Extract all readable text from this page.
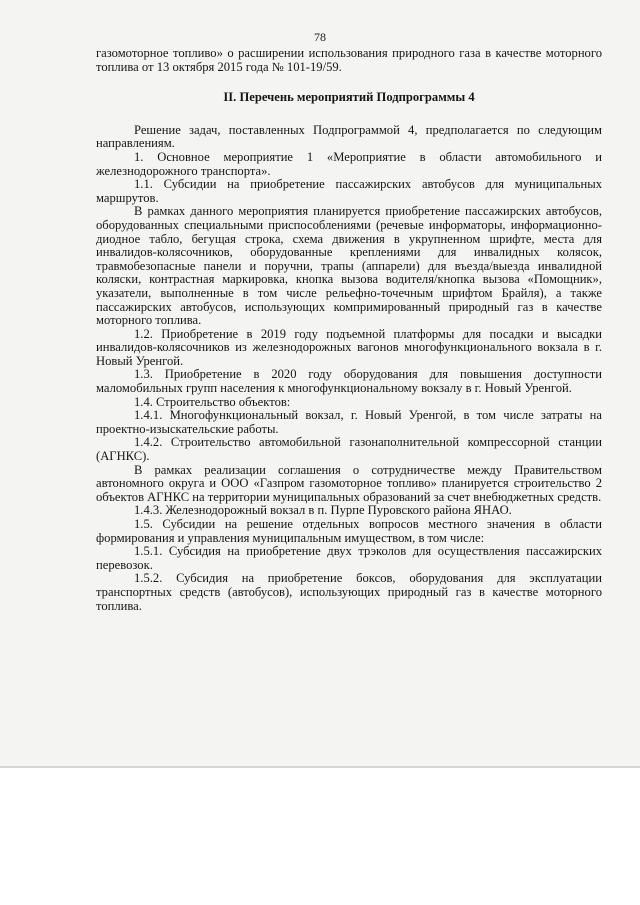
78

газомоторное топливо» о расширении использования природного газа в качестве моторного топлива от 13 октября 2015 года № 101-19/59.

II. Перечень мероприятий Подпрограммы 4

Решение задач, поставленных Подпрограммой 4, предполагается по следующим направлениям.

1. Основное мероприятие 1 «Мероприятие в области автомобильного и железнодорожного транспорта».

1.1. Субсидии на приобретение пассажирских автобусов для муниципальных маршрутов.

В рамках данного мероприятия планируется приобретение пассажирских автобусов, оборудованных специальными приспособлениями (речевые информаторы, информационно-диодное табло, бегущая строка, схема движения в укрупненном шрифте, места для инвалидов-колясочников, оборудованные креплениями для инвалидных колясок, травмобезопасные панели и поручни, трапы (аппарели) для въезда/выезда инвалидной коляски, контрастная маркировка, кнопка вызова водителя/кнопка вызова «Помощник», указатели, выполненные в том числе рельефно-точечным шрифтом Брайля), а также пассажирских автобусов, использующих компримированный природный газ в качестве моторного топлива.

1.2. Приобретение в 2019 году подъемной платформы для посадки и высадки инвалидов-колясочников из железнодорожных вагонов многофункционального вокзала в г. Новый Уренгой.

1.3. Приобретение в 2020 году оборудования для повышения доступности маломобильных групп населения к многофункциональному вокзалу в г. Новый Уренгой.

1.4. Строительство объектов:

1.4.1. Многофункциональный вокзал, г. Новый Уренгой, в том числе затраты на проектно-изыскательские работы.

1.4.2. Строительство автомобильной газонаполнительной компрессорной станции (АГНКС).

В рамках реализации соглашения о сотрудничестве между Правительством автономного округа и ООО «Газпром газомоторное топливо» планируется строительство 2 объектов АГНКС на территории муниципальных образований за счет внебюджетных средств.

1.4.3. Железнодорожный вокзал в п. Пурпе Пуровского района ЯНАО.

1.5. Субсидии на решение отдельных вопросов местного значения в области формирования и управления муниципальным имуществом, в том числе:

1.5.1. Субсидия на приобретение двух трэколов для осуществления пассажирских перевозок.

1.5.2. Субсидия на приобретение боксов, оборудования для эксплуатации транспортных средств (автобусов), использующих природный газ в качестве моторного топлива.
